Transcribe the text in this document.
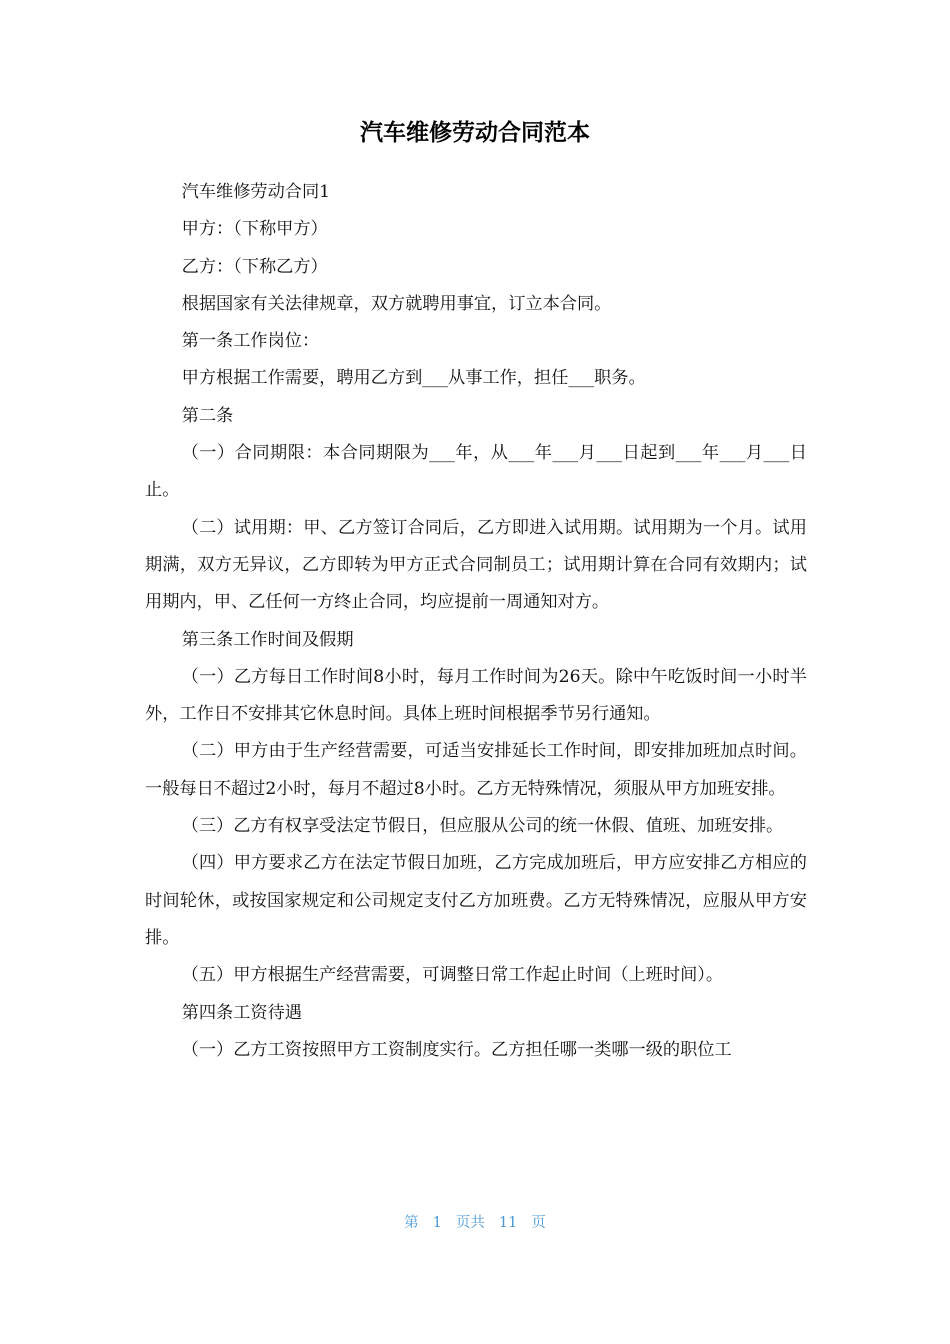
汽车维修劳动合同范本

汽车维修劳动合同1

甲方：（下称甲方）

乙方：（下称乙方）

根据国家有关法律规章，双方就聘用事宜，订立本合同。

第一条工作岗位：

甲方根据工作需要，聘用乙方到___从事工作，担任___职务。

第二条

（一）合同期限：本合同期限为___年，从___年___月___日起到___年___月___日止。

（二）试用期：甲、乙方签订合同后，乙方即进入试用期。试用期为一个月。试用期满，双方无异议，乙方即转为甲方正式合同制员工；试用期计算在合同有效期内；试用期内，甲、乙任何一方终止合同，均应提前一周通知对方。

第三条工作时间及假期

（一）乙方每日工作时间8小时，每月工作时间为26天。除中午吃饭时间一小时半外，工作日不安排其它休息时间。具体上班时间根据季节另行通知。

（二）甲方由于生产经营需要，可适当安排延长工作时间，即安排加班加点时间。一般每日不超过2小时，每月不超过8小时。乙方无特殊情况，须服从甲方加班安排。

（三）乙方有权享受法定节假日，但应服从公司的统一休假、值班、加班安排。

（四）甲方要求乙方在法定节假日加班，乙方完成加班后，甲方应安排乙方相应的时间轮休，或按国家规定和公司规定支付乙方加班费。乙方无特殊情况，应服从甲方安排。

（五）甲方根据生产经营需要，可调整日常工作起止时间（上班时间）。

第四条工资待遇

（一）乙方工资按照甲方工资制度实行。乙方担任哪一类哪一级的职位工

第 1 页共 11 页
